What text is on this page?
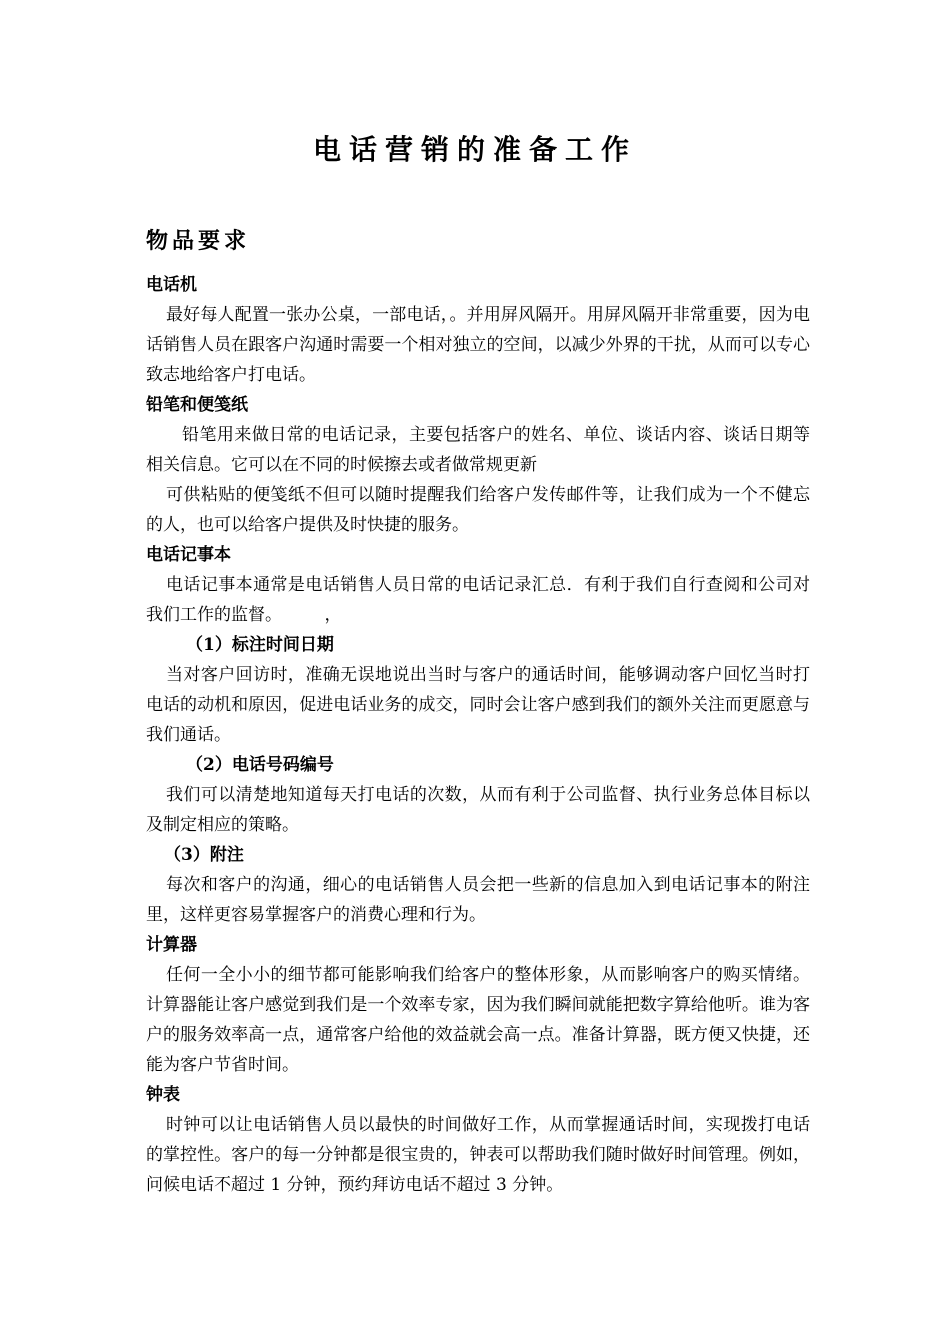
电话营销的准备工作
物品要求

电话机

最好每人配置一张办公桌，一部电话，。并用屏风隔开。用屏风隔开非常重要，因为电话销售人员在跟客户沟通时需要一个相对独立的空间，以减少外界的干扰，从而可以专心致志地给客户打电话。

铅笔和便笺纸

铅笔用来做日常的电话记录，主要包括客户的姓名、单位、谈话内容、谈话日期等相关信息。它可以在不同的时候擦去或者做常规更新

可供粘贴的便笺纸不但可以随时提醒我们给客户发传邮件等，让我们成为一个不健忘的人，也可以给客户提供及时快捷的服务。

电话记事本

电话记事本通常是电话销售人员日常的电话记录汇总．有利于我们自行查阅和公司对我们工作的监督。　　　，

（1）标注时间日期

当对客户回访时，准确无误地说出当时与客户的通话时间，能够调动客户回忆当时打电话的动机和原因，促进电话业务的成交，同时会让客户感到我们的额外关注而更愿意与我们通话。

（2）电话号码编号

我们可以清楚地知道每天打电话的次数，从而有利于公司监督、执行业务总体目标以及制定相应的策略。

（3）附注

每次和客户的沟通，细心的电话销售人员会把一些新的信息加入到电话记事本的附注里，这样更容易掌握客户的消费心理和行为。

计算器

任何一全小小的细节都可能影响我们给客户的整体形象，从而影响客户的购买情绪。计算器能让客户感觉到我们是一个效率专家，因为我们瞬间就能把数字算给他听。谁为客户的服务效率高一点，通常客户给他的效益就会高一点。准备计算器，既方便又快捷，还能为客户节省时间。

钟表

时钟可以让电话销售人员以最快的时间做好工作，从而掌握通话时间，实现拨打电话的掌控性。客户的每一分钟都是很宝贵的，钟表可以帮助我们随时做好时间管理。例如，问候电话不超过 1 分钟，预约拜访电话不超过 3 分钟。
